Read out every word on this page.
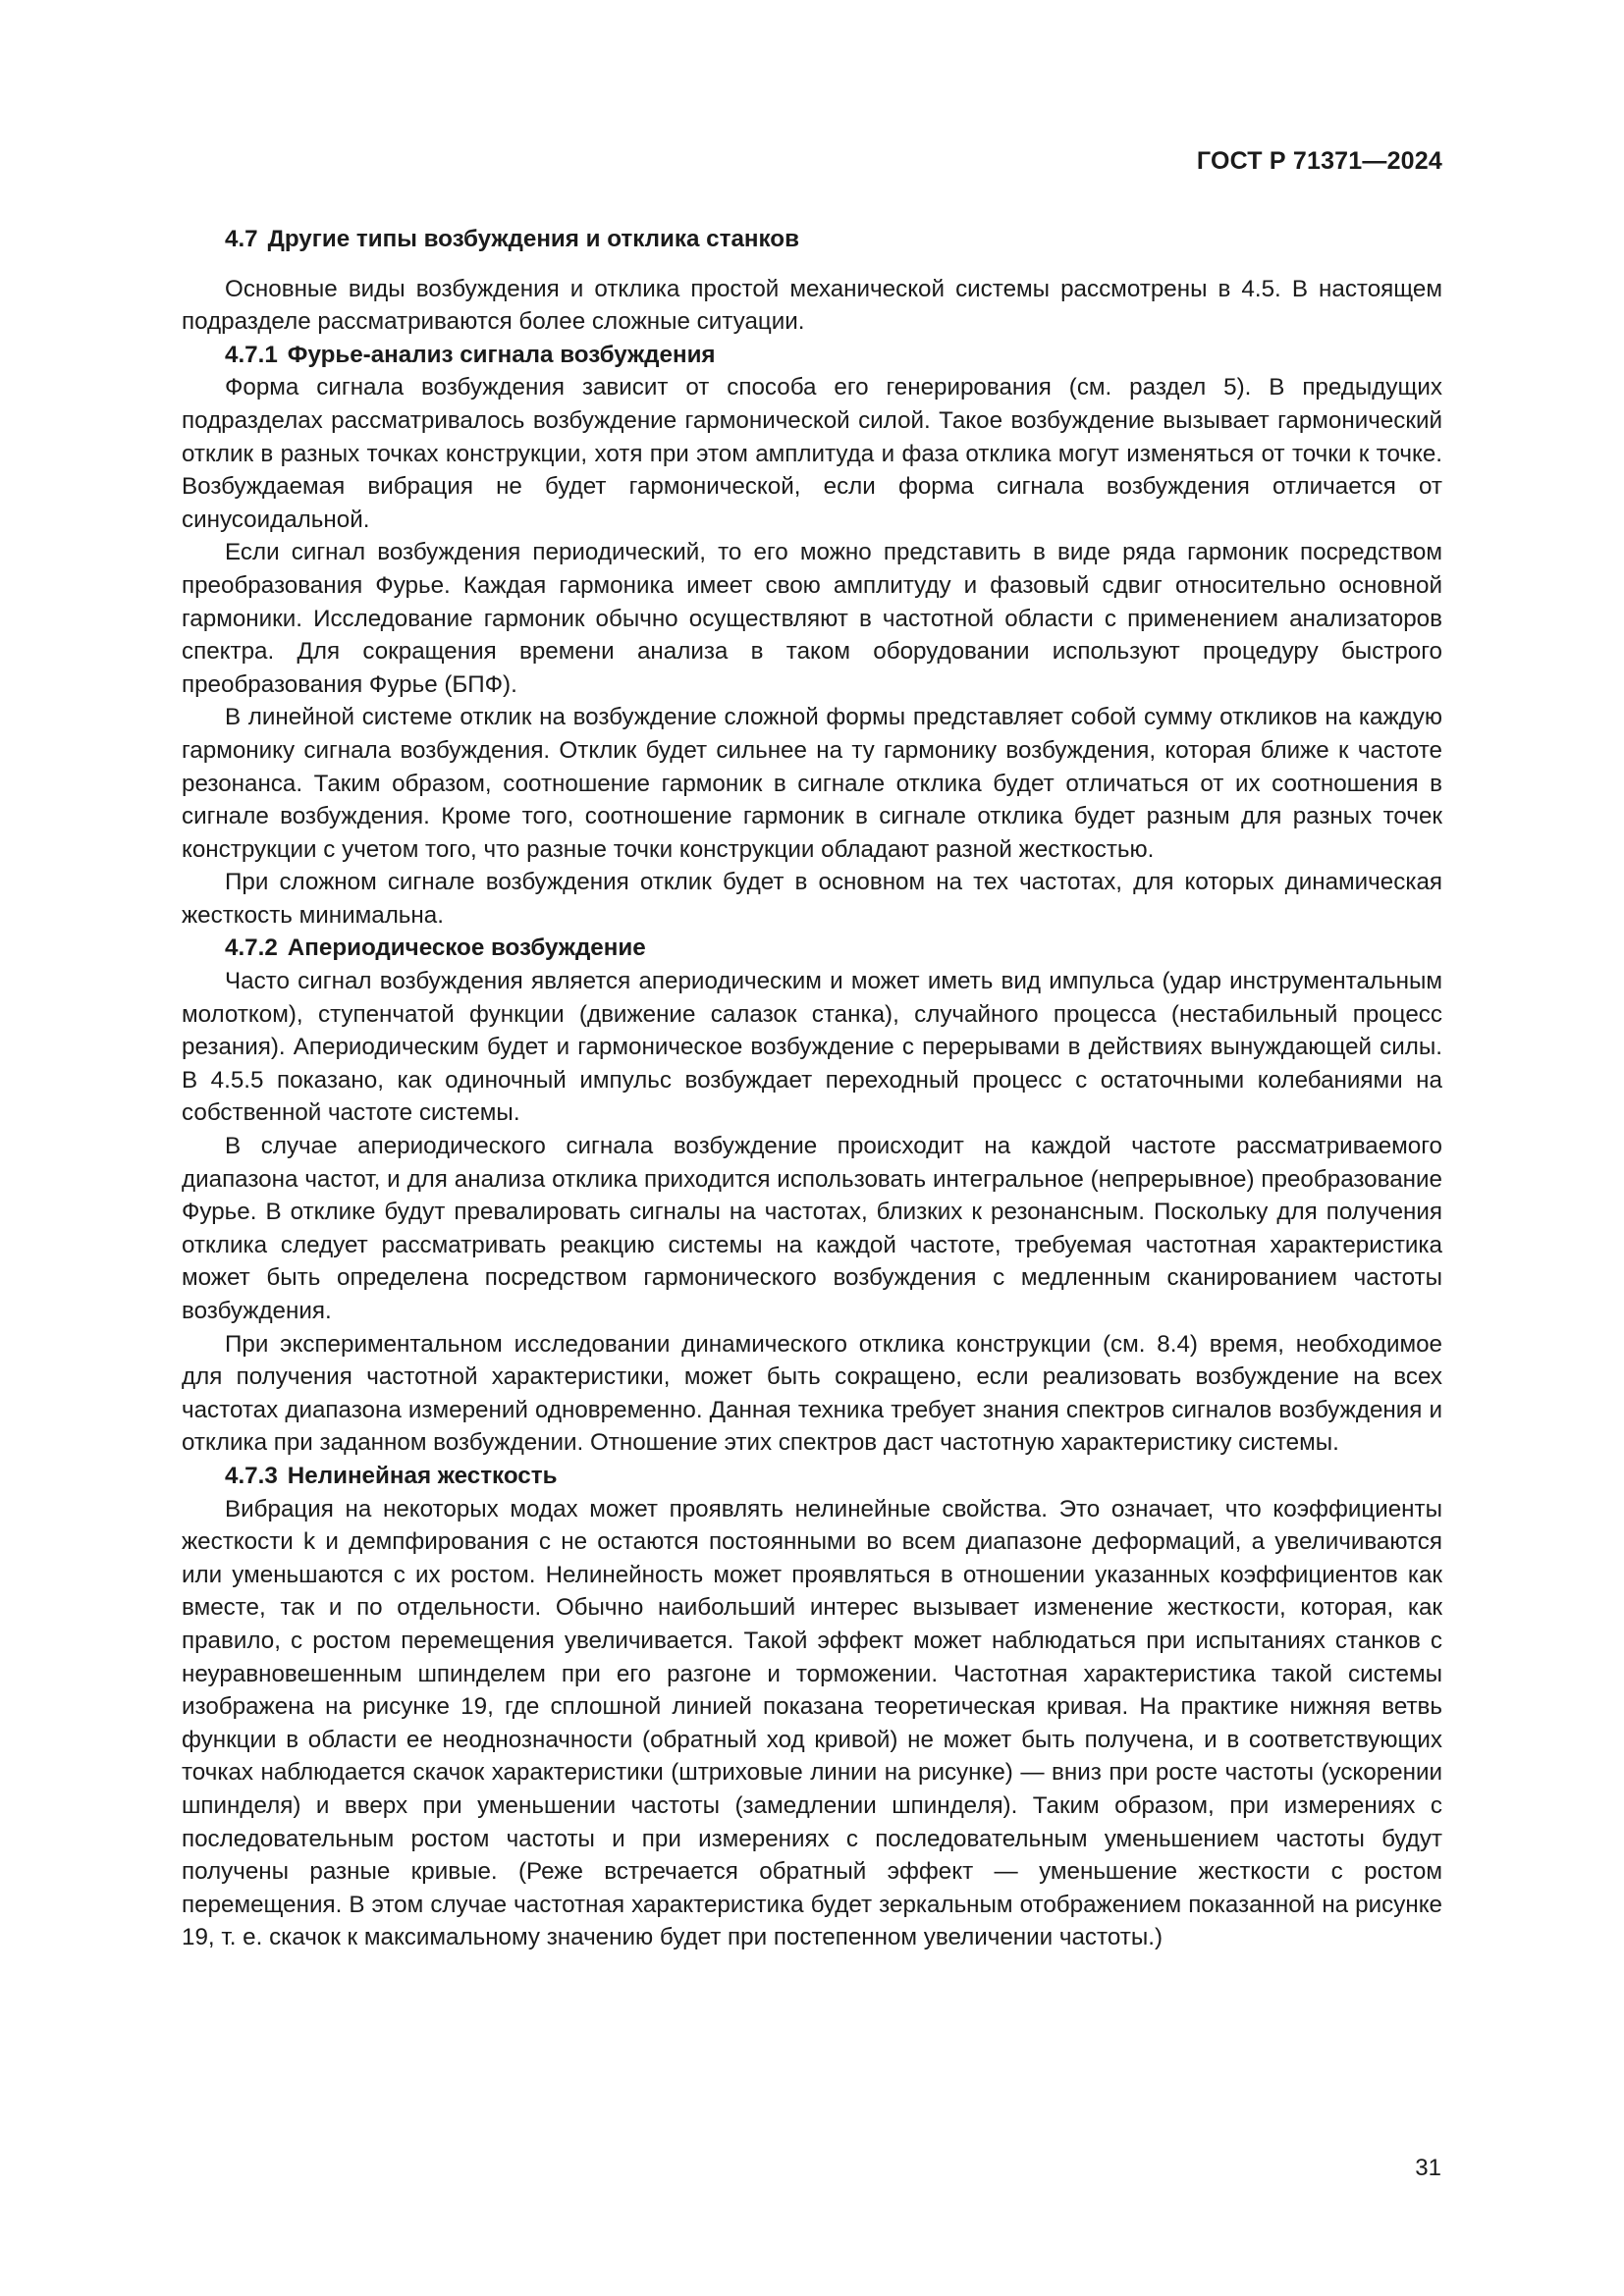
ГОСТ Р 71371—2024
4.7 Другие типы возбуждения и отклика станков

Основные виды возбуждения и отклика простой механической системы рассмотрены в 4.5. В настоящем подразделе рассматриваются более сложные ситуации.

4.7.1 Фурье-анализ сигнала возбуждения

Форма сигнала возбуждения зависит от способа его генерирования (см. раздел 5). В предыдущих подразделах рассматривалось возбуждение гармонической силой. Такое возбуждение вызывает гармонический отклик в разных точках конструкции, хотя при этом амплитуда и фаза отклика могут изменяться от точки к точке. Возбуждаемая вибрация не будет гармонической, если форма сигнала возбуждения отличается от синусоидальной.

Если сигнал возбуждения периодический, то его можно представить в виде ряда гармоник посредством преобразования Фурье. Каждая гармоника имеет свою амплитуду и фазовый сдвиг относительно основной гармоники. Исследование гармоник обычно осуществляют в частотной области с применением анализаторов спектра. Для сокращения времени анализа в таком оборудовании используют процедуру быстрого преобразования Фурье (БПФ).

В линейной системе отклик на возбуждение сложной формы представляет собой сумму откликов на каждую гармонику сигнала возбуждения. Отклик будет сильнее на ту гармонику возбуждения, которая ближе к частоте резонанса. Таким образом, соотношение гармоник в сигнале отклика будет отличаться от их соотношения в сигнале возбуждения. Кроме того, соотношение гармоник в сигнале отклика будет разным для разных точек конструкции с учетом того, что разные точки конструкции обладают разной жесткостью.

При сложном сигнале возбуждения отклик будет в основном на тех частотах, для которых динамическая жесткость минимальна.

4.7.2 Апериодическое возбуждение

Часто сигнал возбуждения является апериодическим и может иметь вид импульса (удар инструментальным молотком), ступенчатой функции (движение салазок станка), случайного процесса (нестабильный процесс резания). Апериодическим будет и гармоническое возбуждение с перерывами в действиях вынуждающей силы. В 4.5.5 показано, как одиночный импульс возбуждает переходный процесс с остаточными колебаниями на собственной частоте системы.

В случае апериодического сигнала возбуждение происходит на каждой частоте рассматриваемого диапазона частот, и для анализа отклика приходится использовать интегральное (непрерывное) преобразование Фурье. В отклике будут превалировать сигналы на частотах, близких к резонансным. Поскольку для получения отклика следует рассматривать реакцию системы на каждой частоте, требуемая частотная характеристика может быть определена посредством гармонического возбуждения с медленным сканированием частоты возбуждения.

При экспериментальном исследовании динамического отклика конструкции (см. 8.4) время, необходимое для получения частотной характеристики, может быть сокращено, если реализовать возбуждение на всех частотах диапазона измерений одновременно. Данная техника требует знания спектров сигналов возбуждения и отклика при заданном возбуждении. Отношение этих спектров даст частотную характеристику системы.

4.7.3 Нелинейная жесткость

Вибрация на некоторых модах может проявлять нелинейные свойства. Это означает, что коэффициенты жесткости k и демпфирования c не остаются постоянными во всем диапазоне деформаций, а увеличиваются или уменьшаются с их ростом. Нелинейность может проявляться в отношении указанных коэффициентов как вместе, так и по отдельности. Обычно наибольший интерес вызывает изменение жесткости, которая, как правило, с ростом перемещения увеличивается. Такой эффект может наблюдаться при испытаниях станков с неуравновешенным шпинделем при его разгоне и торможении. Частотная характеристика такой системы изображена на рисунке 19, где сплошной линией показана теоретическая кривая. На практике нижняя ветвь функции в области ее неоднозначности (обратный ход кривой) не может быть получена, и в соответствующих точках наблюдается скачок характеристики (штриховые линии на рисунке) — вниз при росте частоты (ускорении шпинделя) и вверх при уменьшении частоты (замедлении шпинделя). Таким образом, при измерениях с последовательным ростом частоты и при измерениях с последовательным уменьшением частоты будут получены разные кривые. (Реже встречается обратный эффект — уменьшение жесткости с ростом перемещения. В этом случае частотная характеристика будет зеркальным отображением показанной на рисунке 19, т. е. скачок к максимальному значению будет при постепенном увеличении частоты.)

31
